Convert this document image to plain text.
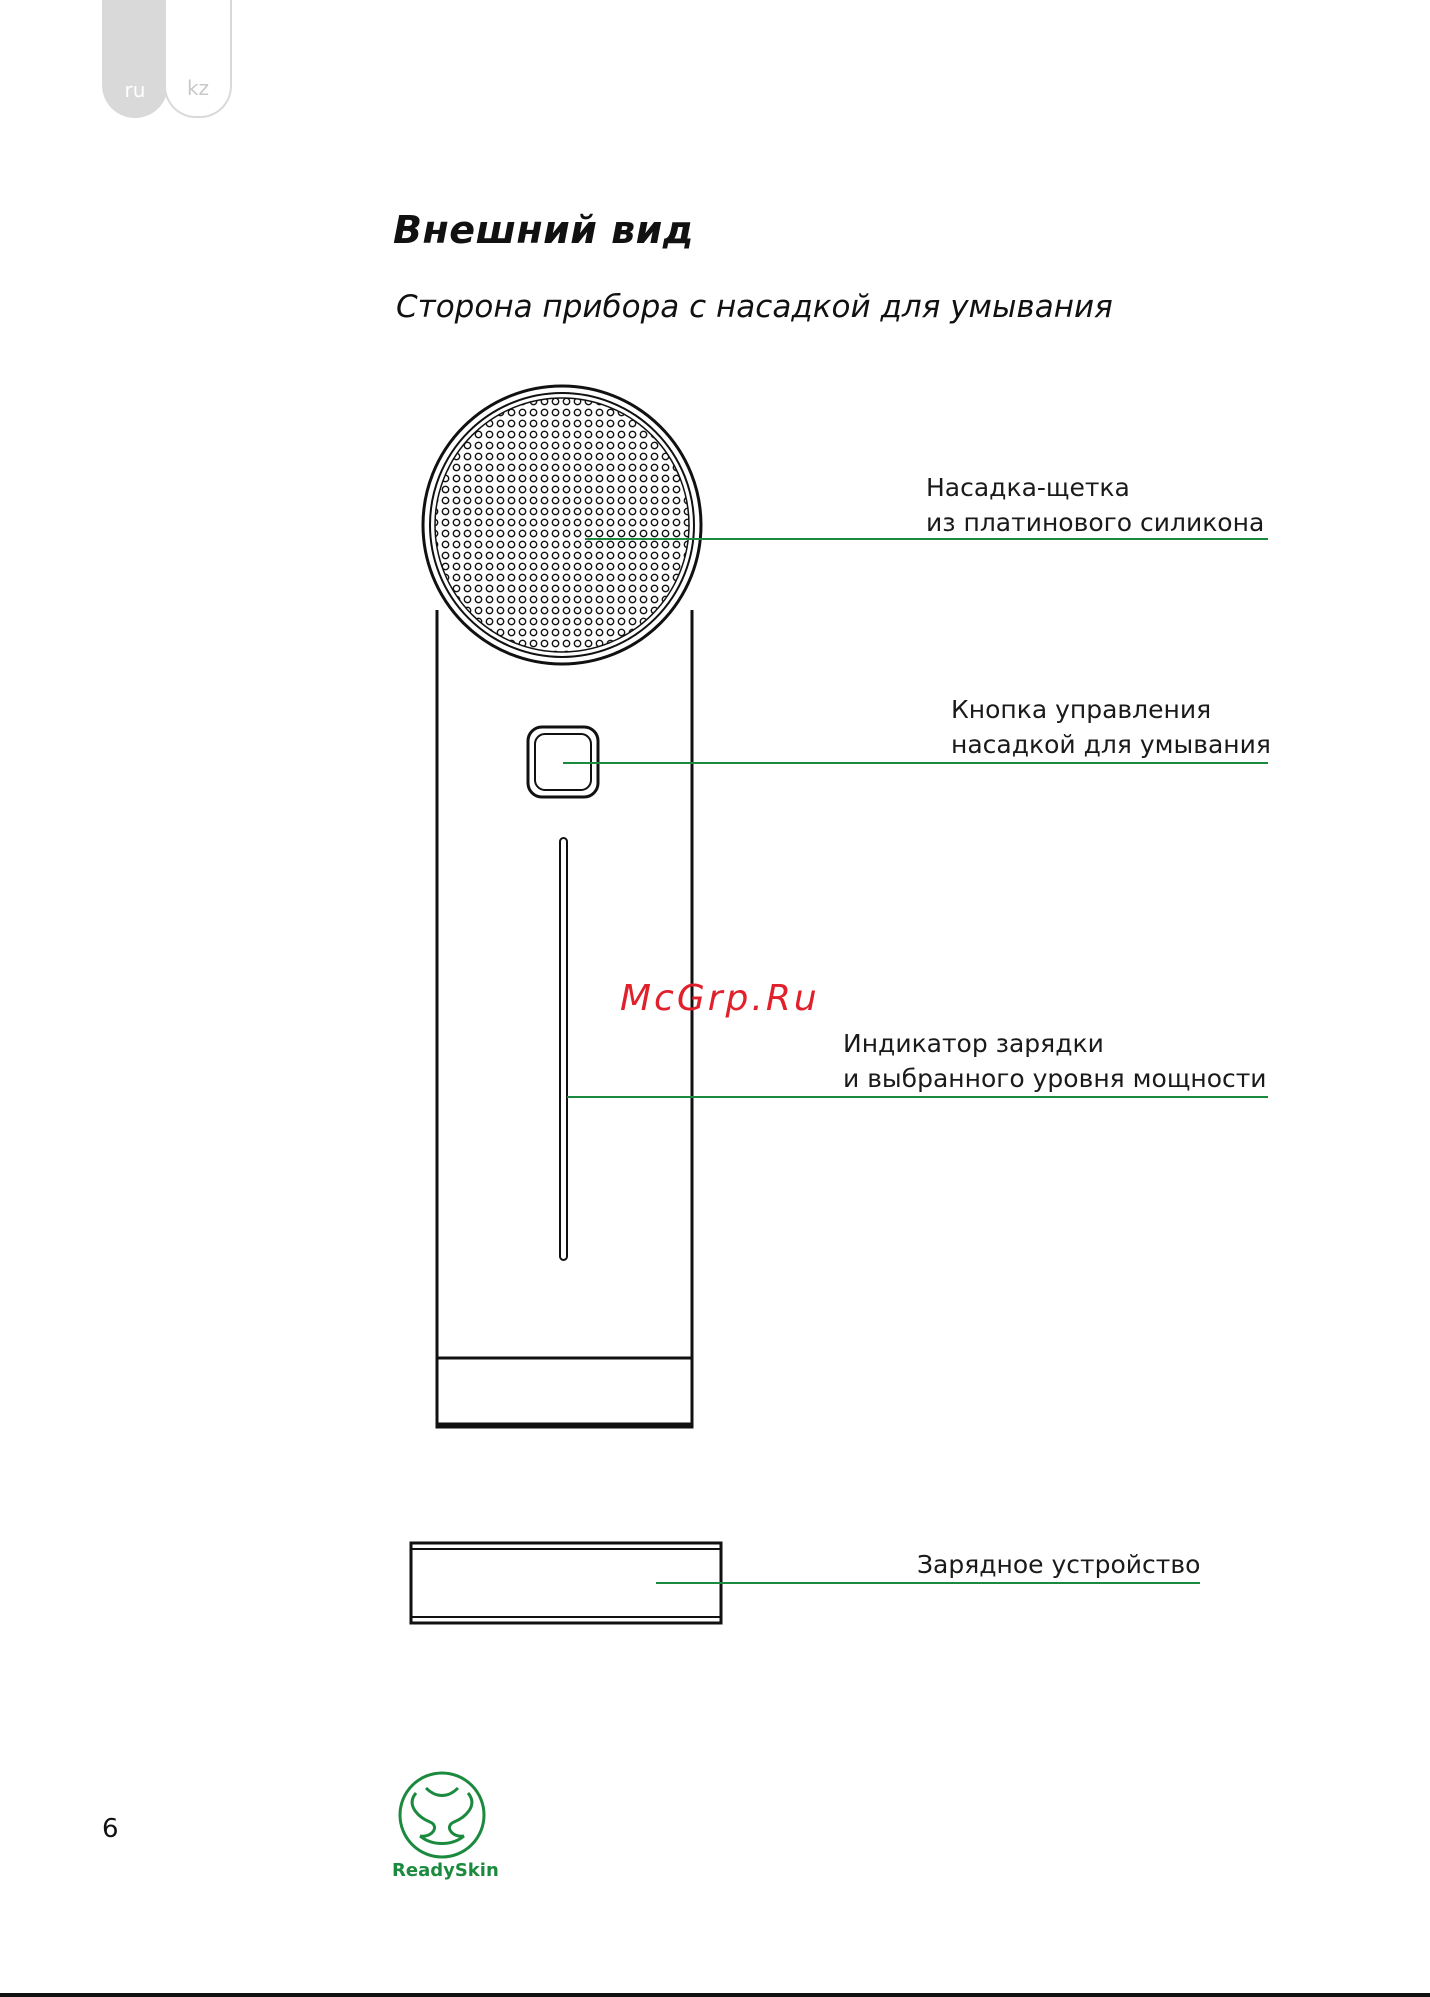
ru	kz
Внешний вид
Сторона прибора с насадкой для умывания
Насадка-щетка
из платинового силикона
Кнопка управления
насадкой для умывания
Индикатор зарядки
и выбранного уровня мощности
Зарядное устройство
McGrp.Ru
6
ReadySkin
